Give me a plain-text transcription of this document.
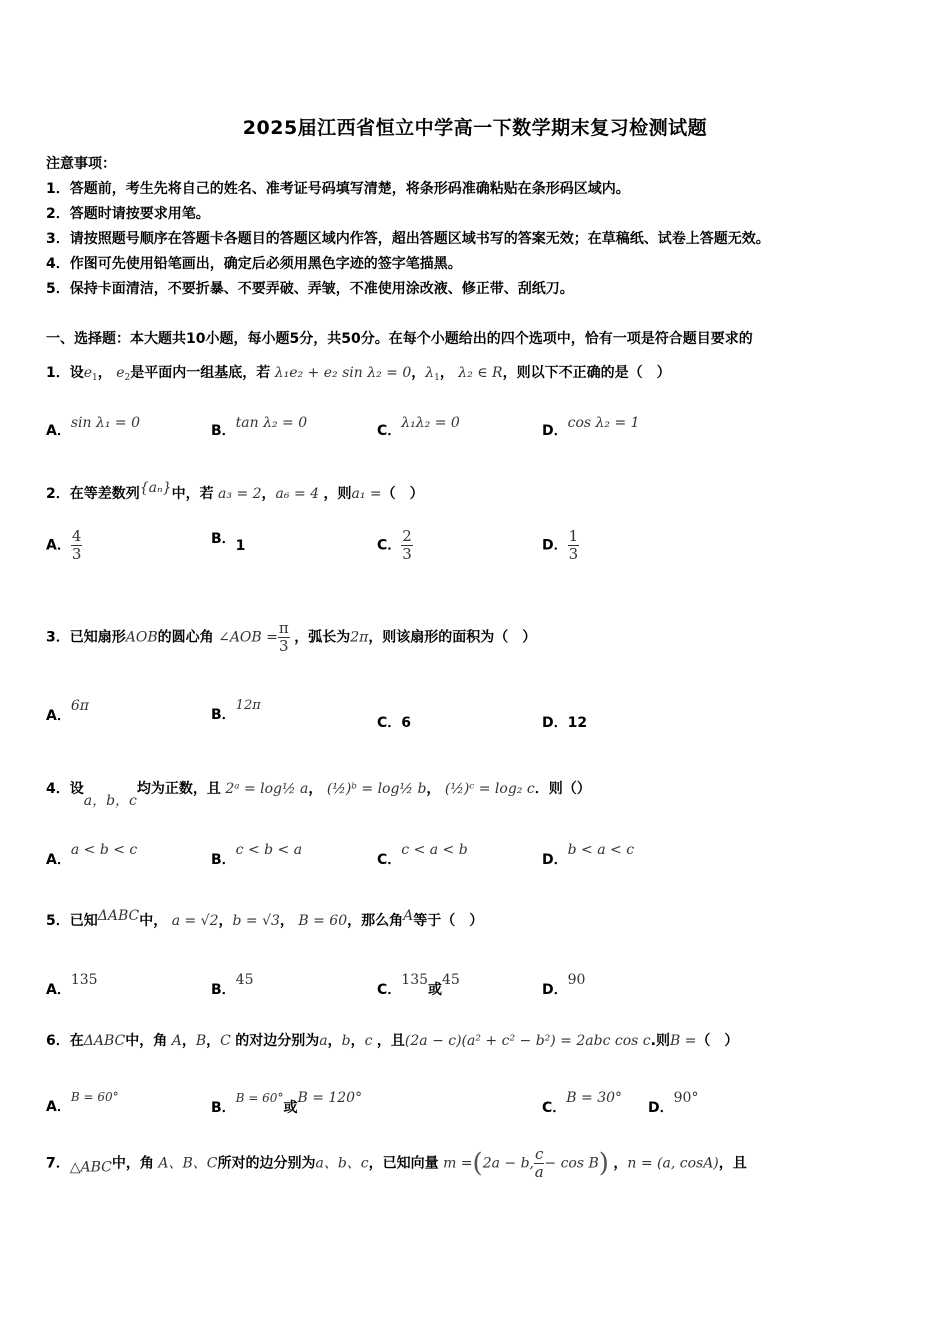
2025届江西省恒立中学高一下数学期末复习检测试题
注意事项：
1．答题前，考生先将自己的姓名、准考证号码填写清楚，将条形码准确粘贴在条形码区域内。
2．答题时请按要求用笔。
3．请按照题号顺序在答题卡各题目的答题区域内作答，超出答题区域书写的答案无效；在草稿纸、试卷上答题无效。
4．作图可先使用铅笔画出，确定后必须用黑色字迹的签字笔描黑。
5．保持卡面清洁，不要折暴、不要弄破、弄皱，不准使用涂改液、修正带、刮纸刀。
一、选择题：本大题共10小题，每小题5分，共50分。在每个小题给出的四个选项中，恰有一项是符合题目要求的
1．设$e_1$， $e_2$是平面内一组基底，若 λ₁e₂ + e₂ sin λ₂ = 0，$\lambda_1$， λ₂ ∈ R，则以下不正确的是（　）
A．sin λ₁ = 0	B．tan λ₂ = 0	C．λ₁λ₂ = 0	D．cos λ₂ = 1
2．在等差数列{aₙ}中，若 a₃ = 2，a₆ = 4 ，则a₁ =（　）
A． $\frac{4}{3}$	B．1	C． $\frac{2}{3}$	D． $\frac{1}{3}$
3．已知扇形AOB的圆心角 ∠AOB = $\frac{\pi}{3}$ ，弧长为2π，则该扇形的面积为（　）
A．6π
B．12π
C．6	D．12
4．设a，b，c均为正数，且 2ᵃ = log½ a， (½)ᵇ = log½ b， (½)ᶜ = log₂ c．则（）
A．a < b < c
B．c < b < a
C．c < a < b
D．b < a < c
5．已知ΔABC中， a = √2，b = √3， B = 60，那么角A等于（　）
A．135
B．45
C．135或45
D．90
6．在ΔABC中，角 A，B，C 的对边分别为a，b，c ，且(2a − c)(a² + c² − b²) = 2abc cos c.则B =（　）
A．B = 60°
B．B = 60°或B = 120°
C．B = 30°
D．90°
7．△ABC中，角 A、B、C所对的边分别为a、b、c，已知向量 m =(2a − b, $\frac{c}{a} - \cos B$) ，n = (a, cosA)，且
